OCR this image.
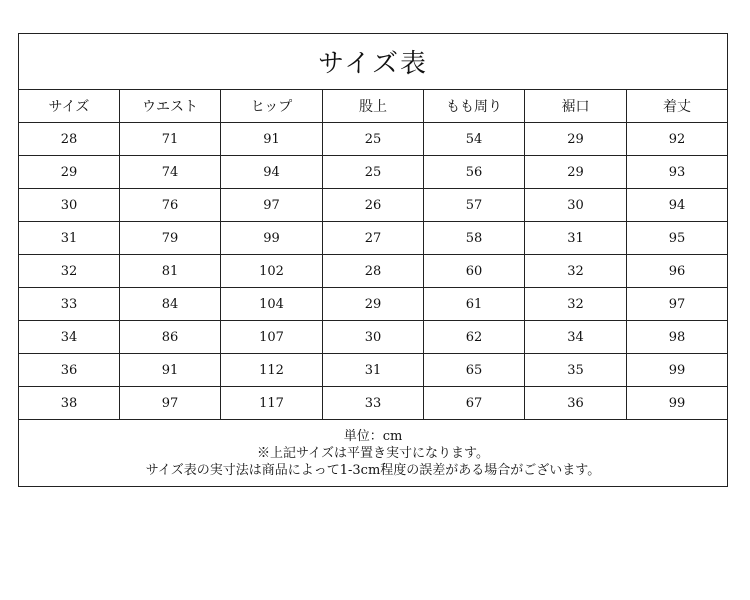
サイズ表						
サイズ	ウエスト	ヒップ	股上	もも周り	裾口	着丈
28	71	91	25	54	29	92
29	74	94	25	56	29	93
30	76	97	26	57	30	94
31	79	99	27	58	31	95
32	81	102	28	60	32	96
33	84	104	29	61	32	97
34	86	107	30	62	34	98
36	91	112	31	65	35	99
38	97	117	33	67	36	99

単位：cm
※上記サイズは平置き実寸になります。
サイズ表の実寸法は商品によって1-3cm程度の誤差がある場合がございます。						
